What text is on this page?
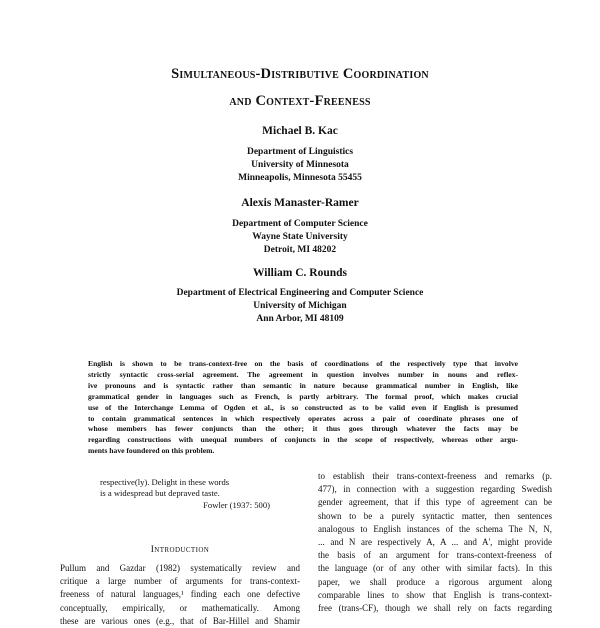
Simultaneous-Distributive Coordination
and Context-Freeness
Michael B. Kac
Department of Linguistics
University of Minnesota
Minneapolis, Minnesota 55455
Alexis Manaster-Ramer
Department of Computer Science
Wayne State University
Detroit, MI 48202
William C. Rounds
Department of Electrical Engineering and Computer Science
University of Michigan
Ann Arbor, MI 48109
English is shown to be trans-context-free on the basis of coordinations of the respectively type that involve
strictly syntactic cross-serial agreement. The agreement in question involves number in nouns and reflex-
ive pronouns and is syntactic rather than semantic in nature because grammatical number in English, like
grammatical gender in languages such as French, is partly arbitrary. The formal proof, which makes crucial
use of the Interchange Lemma of Ogden et al., is so constructed as to be valid even if English is presumed
to contain grammatical sentences in which respectively operates across a pair of coordinate phrases one of
whose members has fewer conjuncts than the other; it thus goes through whatever the facts may be
regarding constructions with unequal numbers of conjuncts in the scope of respectively, whereas other argu-
ments have foundered on this problem.
respective(ly). Delight in these words
is a widespread but depraved taste.
Fowler (1937: 500)
Introduction
Pullum and Gazdar (1982) systematically review and
critique a large number of arguments for trans-context-
freeness of natural languages,¹ finding each one defective
conceptually, empirically, or mathematically. Among
these are various ones (e.g., that of Bar-Hillel and Shamir
to establish their trans-context-freeness and remarks (p.
477), in connection with a suggestion regarding Swedish
gender agreement, that if this type of agreement can be
shown to be a purely syntactic matter, then sentences
analogous to English instances of the schema The N, N,
... and N are respectively A, A ... and A', might provide
the basis of an argument for trans-context-freeness of
the language (or of any other with similar facts). In this
paper, we shall produce a rigorous argument along
comparable lines to show that English is trans-context-
free (trans-CF), though we shall rely on facts regarding
